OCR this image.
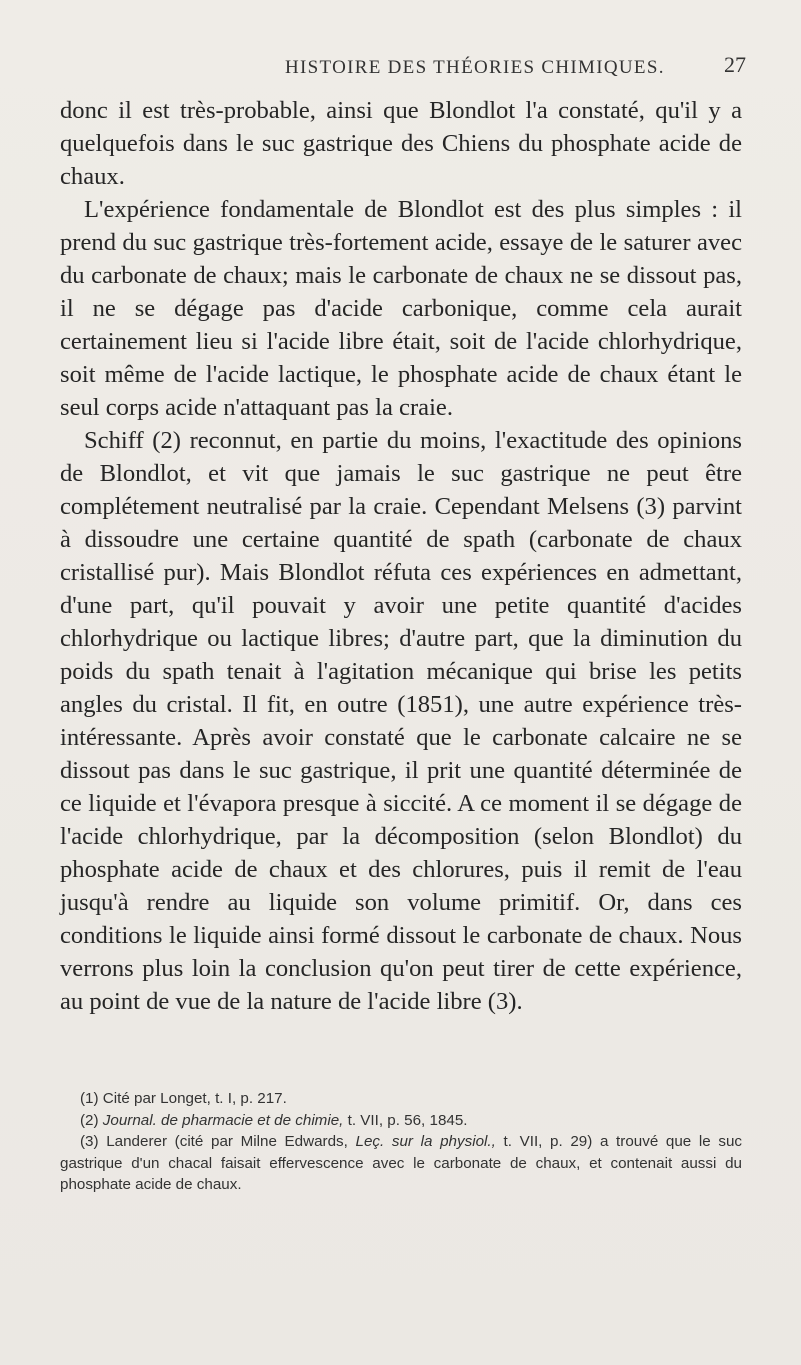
HISTOIRE DES THÉORIES CHIMIQUES.	27

donc il est très-probable, ainsi que Blondlot l'a constaté, qu'il y a quelquefois dans le suc gastrique des Chiens du phosphate acide de chaux.

L'expérience fondamentale de Blondlot est des plus simples : il prend du suc gastrique très-fortement acide, essaye de le saturer avec du carbonate de chaux; mais le carbonate de chaux ne se dissout pas, il ne se dégage pas d'acide carbonique, comme cela aurait certainement lieu si l'acide libre était, soit de l'acide chlorhydrique, soit même de l'acide lactique, le phosphate acide de chaux étant le seul corps acide n'attaquant pas la craie.

Schiff (2) reconnut, en partie du moins, l'exactitude des opinions de Blondlot, et vit que jamais le suc gastrique ne peut être complétement neutralisé par la craie. Cependant Melsens (3) parvint à dissoudre une certaine quantité de spath (carbonate de chaux cristallisé pur). Mais Blondlot réfuta ces expériences en admettant, d'une part, qu'il pouvait y avoir une petite quantité d'acides chlorhydrique ou lactique libres; d'autre part, que la diminution du poids du spath tenait à l'agitation mécanique qui brise les petits angles du cristal. Il fit, en outre (1851), une autre expérience très-intéressante. Après avoir constaté que le carbonate calcaire ne se dissout pas dans le suc gastrique, il prit une quantité déterminée de ce liquide et l'évapora presque à siccité. A ce moment il se dégage de l'acide chlorhydrique, par la décomposition (selon Blondlot) du phosphate acide de chaux et des chlorures, puis il remit de l'eau jusqu'à rendre au liquide son volume primitif. Or, dans ces conditions le liquide ainsi formé dissout le carbonate de chaux. Nous verrons plus loin la conclusion qu'on peut tirer de cette expérience, au point de vue de la nature de l'acide libre (3).

(1) Cité par Longet, t. I, p. 217.

(2) Journal. de pharmacie et de chimie, t. VII, p. 56, 1845.

(3) Landerer (cité par Milne Edwards, Leç. sur la physiol., t. VII, p. 29) a trouvé que le suc gastrique d'un chacal faisait effervescence avec le carbonate de chaux, et contenait aussi du phosphate acide de chaux.
